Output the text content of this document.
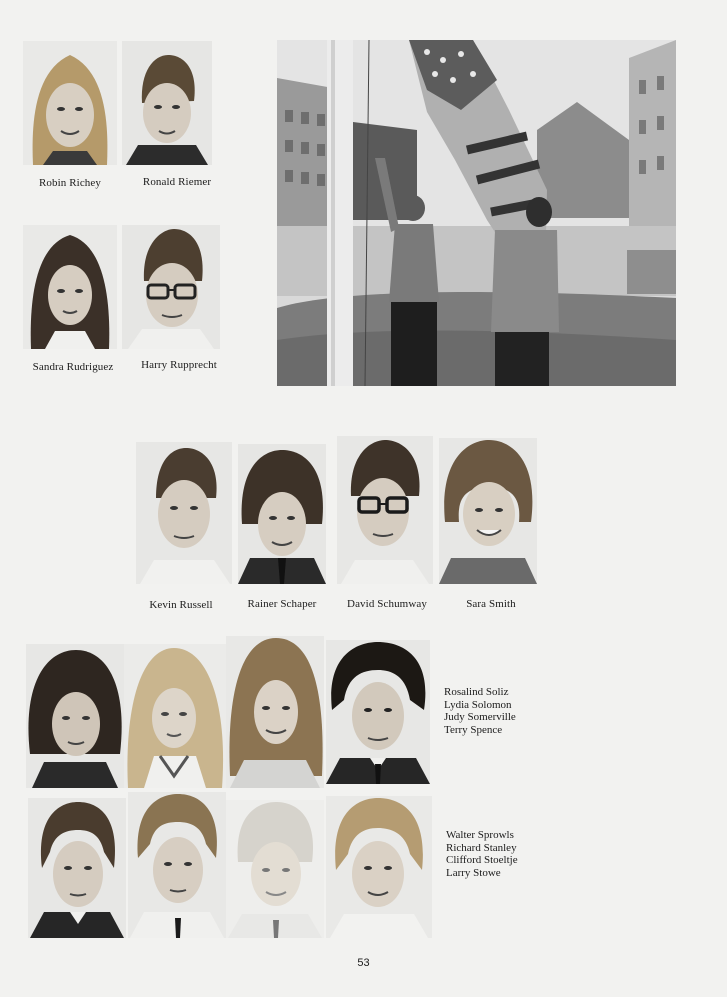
Robin Richey	Ronald Riemer
Sandra Rudriguez	Harry Rupprecht
Kevin Russell	Rainer Schaper	David Schumway	Sara Smith
Rosalind Soliz
Lydia Solomon
Judy Somerville
Terry Spence
Walter Sprowls
Richard Stanley
Clifford Stoeltje
Larry Stowe
53
